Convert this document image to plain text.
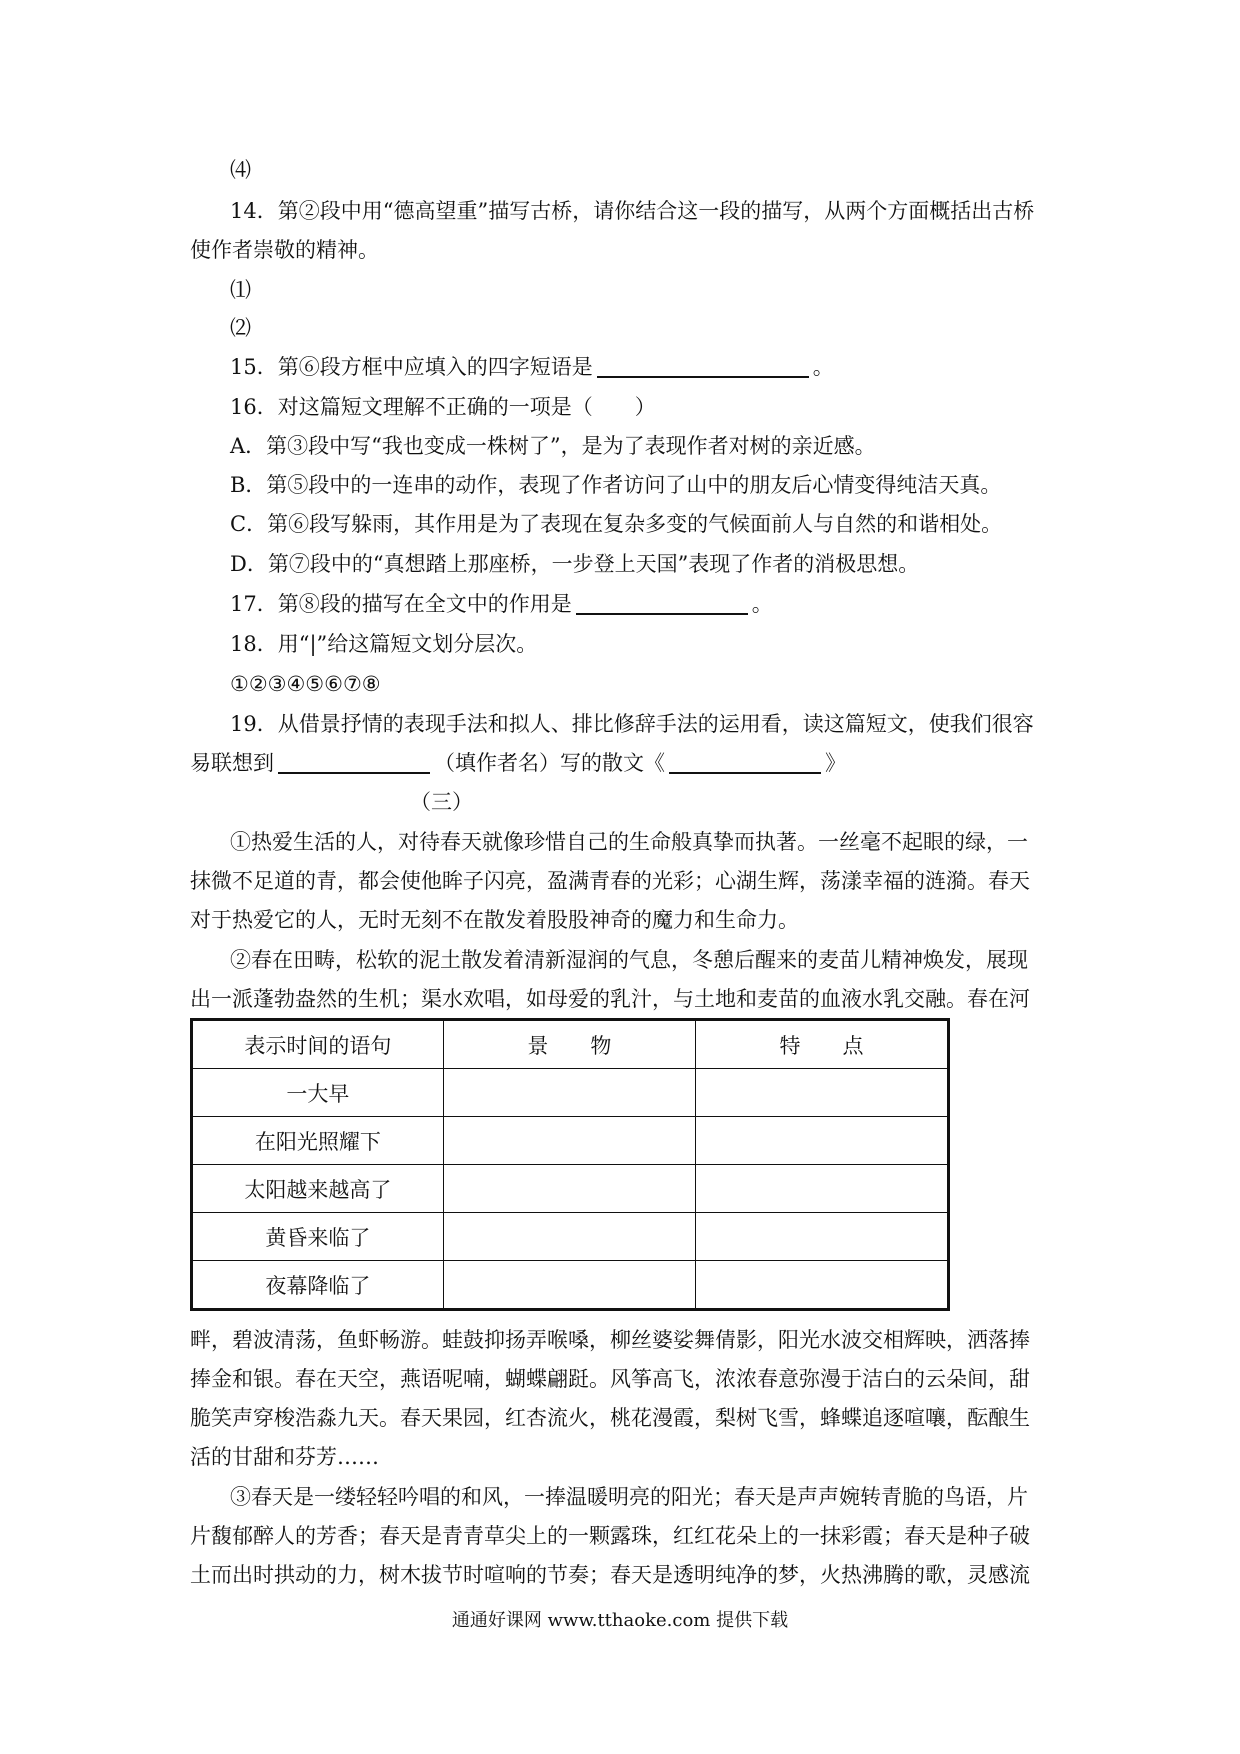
⑷
14．第②段中用“德高望重”描写古桥，请你结合这一段的描写，从两个方面概括出古桥
使作者崇敬的精神。
⑴
⑵
15．第⑥段方框中应填入的四字短语是	。
16．对这篇短文理解不正确的一项是（　　）
A．第③段中写“我也变成一株树了”，是为了表现作者对树的亲近感。
B．第⑤段中的一连串的动作，表现了作者访问了山中的朋友后心情变得纯洁天真。
C．第⑥段写躲雨，其作用是为了表现在复杂多变的气候面前人与自然的和谐相处。
D．第⑦段中的“真想踏上那座桥，一步登上天国”表现了作者的消极思想。
17．第⑧段的描写在全文中的作用是	。
18．用“|”给这篇短文划分层次。
①②③④⑤⑥⑦⑧
19．从借景抒情的表现手法和拟人、排比修辞手法的运用看，读这篇短文，使我们很容
易联想到	（填作者名）写的散文《	》
（三）
①热爱生活的人，对待春天就像珍惜自己的生命般真挚而执著。一丝毫不起眼的绿，一
抹微不足道的青，都会使他眸子闪亮，盈满青春的光彩；心湖生辉，荡漾幸福的涟漪。春天
对于热爱它的人，无时无刻不在散发着股股神奇的魔力和生命力。
②春在田畴，松软的泥土散发着清新湿润的气息，冬憩后醒来的麦苗儿精神焕发，展现
出一派蓬勃盎然的生机；渠水欢唱，如母爱的乳汁，与土地和麦苗的血液水乳交融。春在河
表示时间的语句	景　　物	特　　点
一大早		
在阳光照耀下		
太阳越来越高了		
黄昏来临了		
夜幕降临了		
畔，碧波清荡，鱼虾畅游。蛙鼓抑扬弄喉嗓，柳丝婆娑舞倩影，阳光水波交相辉映，洒落捧
捧金和银。春在天空，燕语呢喃，蝴蝶翩跹。风筝高飞，浓浓春意弥漫于洁白的云朵间，甜
脆笑声穿梭浩淼九天。春天果园，红杏流火，桃花漫霞，梨树飞雪，蜂蝶追逐喧嚷，酝酿生
活的甘甜和芬芳……
③春天是一缕轻轻吟唱的和风，一捧温暖明亮的阳光；春天是声声婉转青脆的鸟语，片
片馥郁醉人的芳香；春天是青青草尖上的一颗露珠，红红花朵上的一抹彩霞；春天是种子破
土而出时拱动的力，树木拔节时喧响的节奏；春天是透明纯净的梦，火热沸腾的歌，灵感流
通通好课网 www.tthaoke.com 提供下载
